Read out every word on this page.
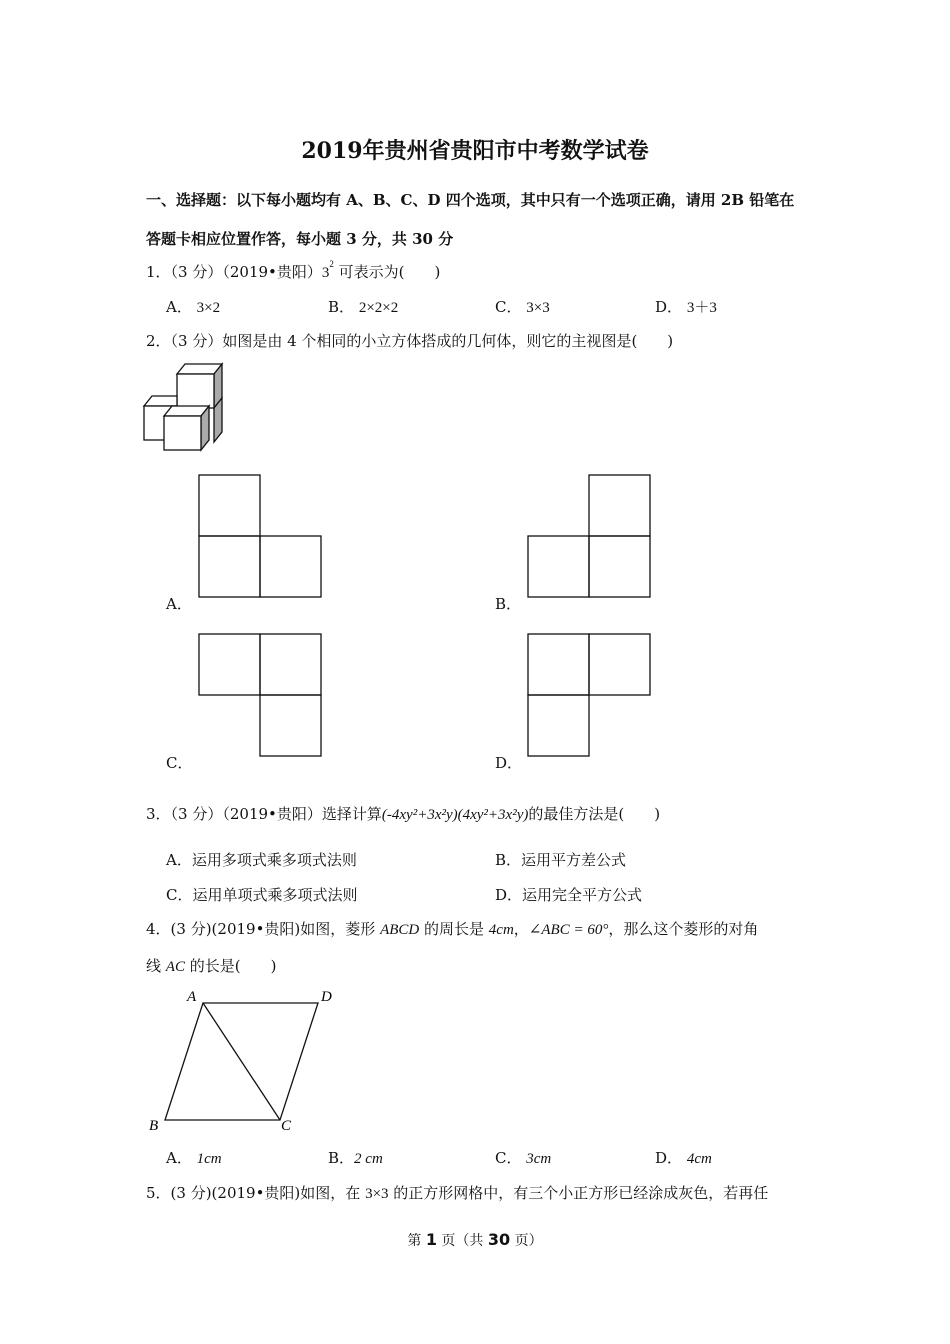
2019年贵州省贵阳市中考数学试卷
一、选择题：以下每小题均有 A、B、C、D 四个选项，其中只有一个选项正确，请用 2B 铅笔在
答题卡相应位置作答，每小题 3 分，共 30 分
1．（3 分）（2019•贵阳）$3^2$ 可表示为(　　)
A． 3×2	B． 2×2×2	C． 3×3	D． 3＋3
2．（3 分）如图是由 4 个相同的小立方体搭成的几何体，则它的主视图是(　　)
A．	B．
C．	D．
3．（3 分）（2019•贵阳）选择计算(-4xy²+3x²y)(4xy²+3x²y)的最佳方法是(　　)
A．运用多项式乘多项式法则	B．运用平方差公式
C．运用单项式乘多项式法则	D．运用完全平方公式
4．(3 分)(2019•贵阳)如图，菱形 ABCD 的周长是 4cm，∠ABC = 60°，那么这个菱形的对角
线 AC 的长是(　　)
A	D
B	C
A． 1cm	B．2 cm	C． 3cm	D． 4cm
5．(3 分)(2019•贵阳)如图，在 3×3 的正方形网格中，有三个小正方形已经涂成灰色，若再任
第 1 页（共 30 页）
